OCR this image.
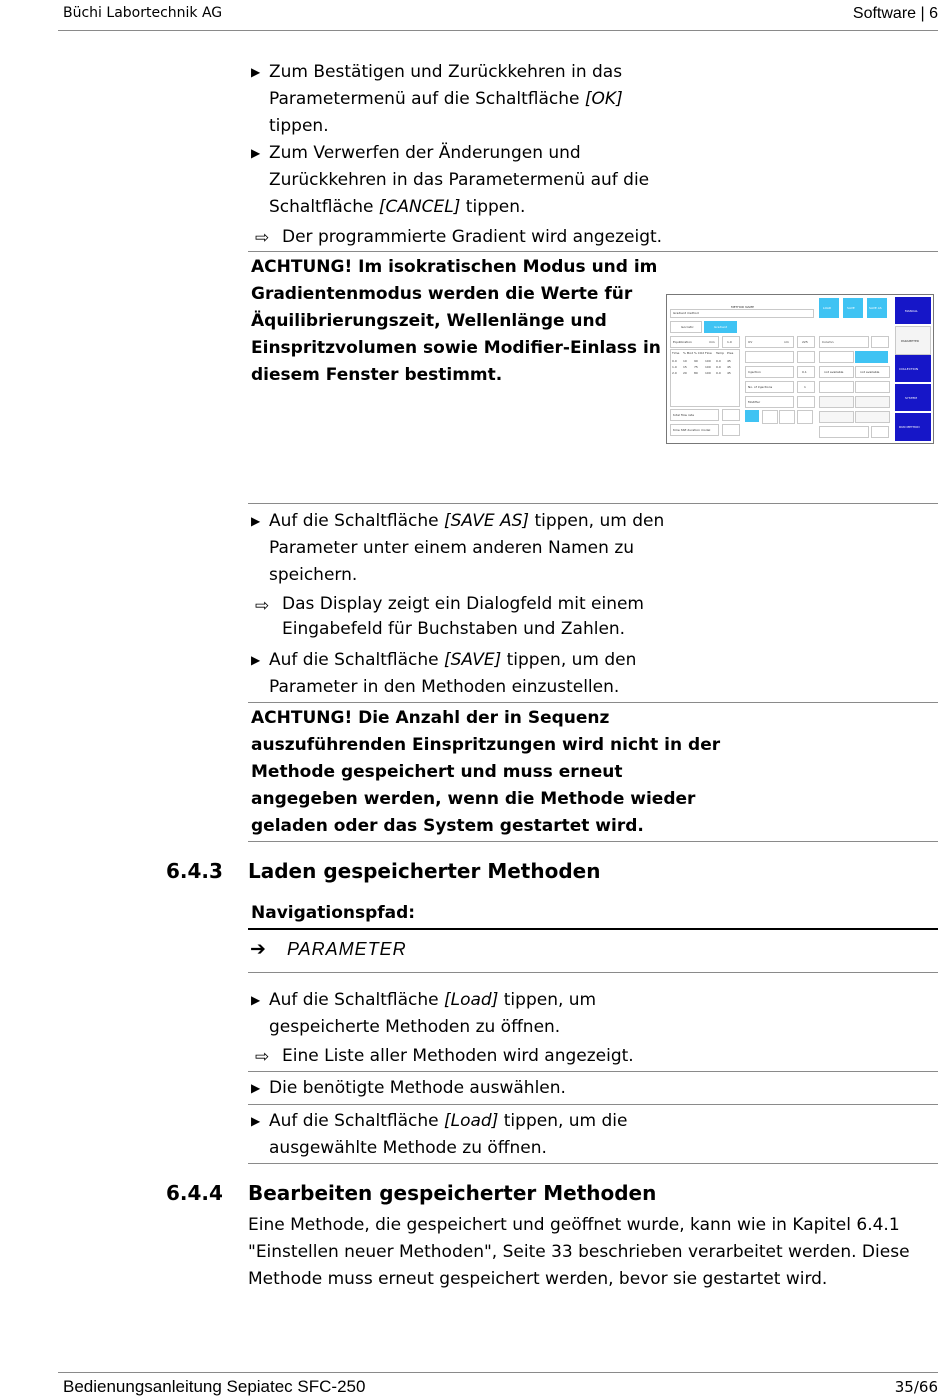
Büchi Labortechnik AG	Software | 6
▶ Zum Bestätigen und Zurückkehren in das
Parametermenü auf die Schaltfläche [OK]
tippen.
▶ Zum Verwerfen der Änderungen und
Zurückkehren in das Parametermenü auf die
Schaltfläche [CANCEL] tippen.
⇨ Der programmierte Gradient wird angezeigt.
ACHTUNG! Im isokratischen Modus und im
Gradientenmodus werden die Werte für
Äquilibrierungszeit, Wellenlänge und
Einspritzvolumen sowie Modifier-Einlass in
diesem Fenster bestimmt.
METHOD NAME
Gradient method
LOAD	SAVE	SAVE AS
MANUAL
PARAMETER
COLLECTION
SYSTEM
RUN METHOD
Isocratic	Gradient
Equilibration	min	1.0
Time % Mod % CO2 Flow Temp Pres
0.0 10 90 100 0.0 45
1.0 15 75 100 0.0 45
2.0 20 80 100 0.0 45
total flow rate
time SSE duration model
UV	nm	225
Injection	0.1
No. of Injections	1
Modifier
Column
not available	not available
▶ Auf die Schaltfläche [SAVE AS] tippen, um den
Parameter unter einem anderen Namen zu
speichern.
⇨ Das Display zeigt ein Dialogfeld mit einem
Eingabefeld für Buchstaben und Zahlen.
▶ Auf die Schaltfläche [SAVE] tippen, um den
Parameter in den Methoden einzustellen.
ACHTUNG! Die Anzahl der in Sequenz
auszuführenden Einspritzungen wird nicht in der
Methode gespeichert und muss erneut
angegeben werden, wenn die Methode wieder
geladen oder das System gestartet wird.
6.4.3 Laden gespeicherter Methoden
Navigationspfad:
➔ PARAMETER
▶ Auf die Schaltfläche [Load] tippen, um
gespeicherte Methoden zu öffnen.
⇨ Eine Liste aller Methoden wird angezeigt.
▶ Die benötigte Methode auswählen.
▶ Auf die Schaltfläche [Load] tippen, um die
ausgewählte Methode zu öffnen.
6.4.4 Bearbeiten gespeicherter Methoden
Eine Methode, die gespeichert und geöffnet wurde, kann wie in Kapitel 6.4.1
"Einstellen neuer Methoden", Seite 33 beschrieben verarbeitet werden. Diese
Methode muss erneut gespeichert werden, bevor sie gestartet wird.
Bedienungsanleitung Sepiatec SFC-250	35/66
